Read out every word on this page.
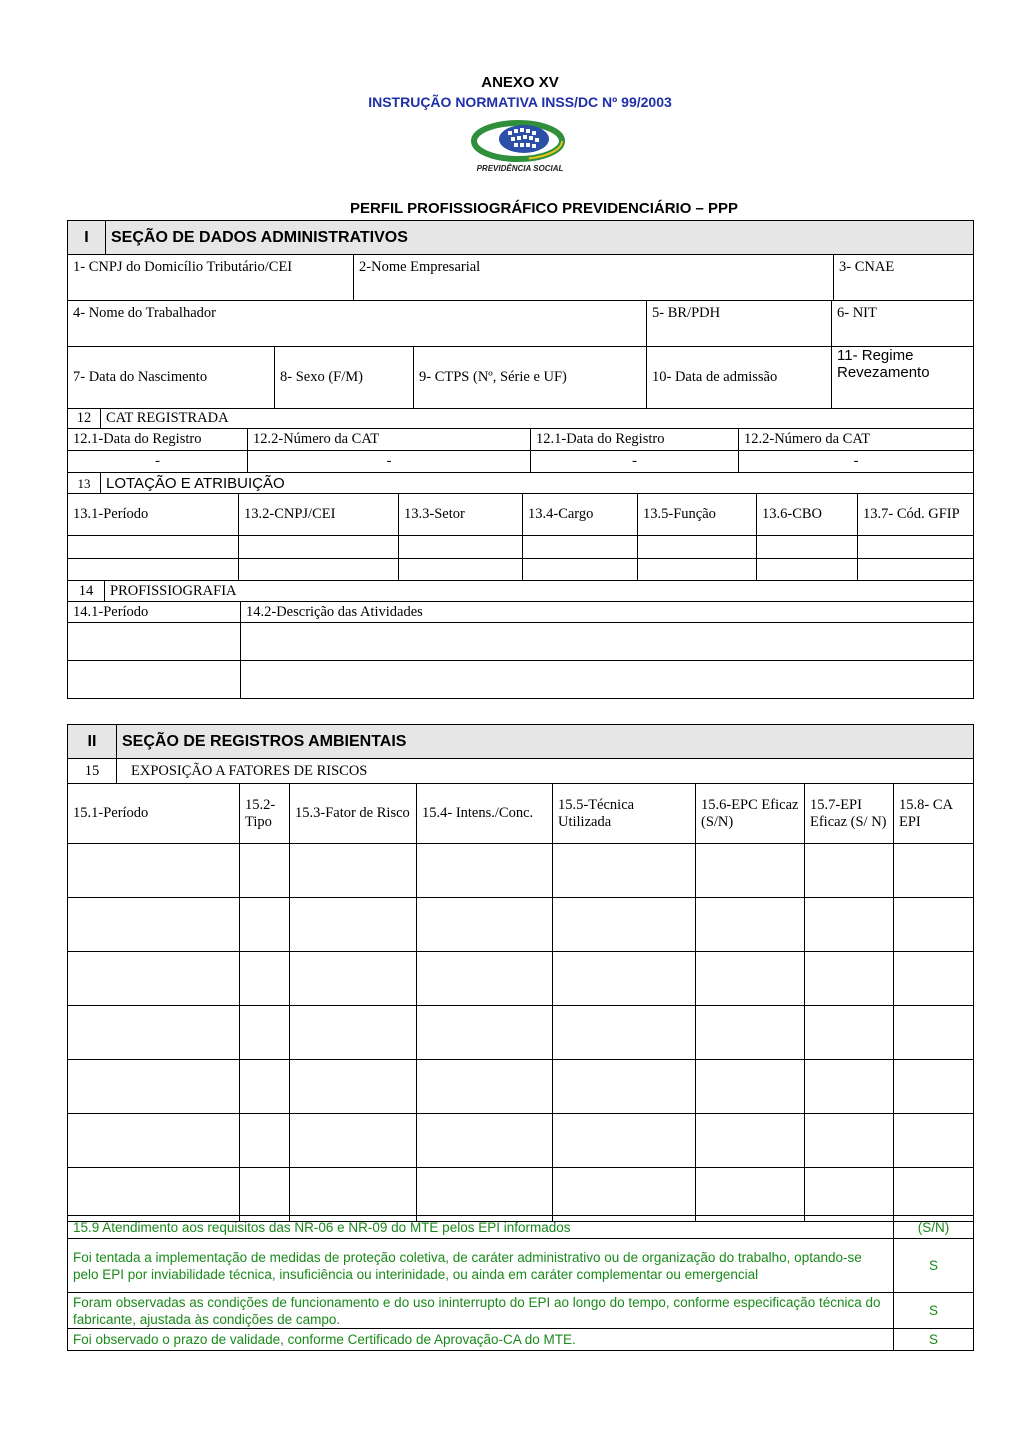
ANEXO XV
INSTRUÇÃO NORMATIVA INSS/DC Nº 99/2003
PREVIDÊNCIA SOCIAL
PERFIL PROFISSIOGRÁFICO PREVIDENCIÁRIO – PPP
I	SEÇÃO DE DADOS ADMINISTRATIVOS
1- CNPJ do Domicílio Tributário/CEI	2-Nome Empresarial	3- CNAE
4- Nome do Trabalhador	5- BR/PDH	6- NIT
7- Data do Nascimento	8- Sexo (F/M)	9- CTPS (Nº, Série e UF)	10- Data de admissão	11- Regime Revezamento
12	CAT REGISTRADA
12.1-Data do Registro	12.2-Número da CAT	12.1-Data do Registro	12.2-Número da CAT
-	-	-	-
13	LOTAÇÃO E ATRIBUIÇÃO
13.1-Período	13.2-CNPJ/CEI	13.3-Setor	13.4-Cargo	13.5-Função	13.6-CBO	13.7- Cód. GFIP

14	PROFISSIOGRAFIA
14.1-Período	14.2-Descrição das Atividades

II	SEÇÃO DE REGISTROS AMBIENTAIS
15	EXPOSIÇÃO A FATORES DE RISCOS
15.1-Período	15.2- Tipo	15.3-Fator de Risco	15.4- Intens./Conc.	15.5-Técnica Utilizada	15.6-EPC Eficaz (S/N)	15.7-EPI Eficaz (S/ N)	15.8- CA EPI

15.9 Atendimento aos requisitos das NR-06 e NR-09 do MTE pelos EPI informados	(S/N)
Foi tentada a implementação de medidas de proteção coletiva, de caráter administrativo ou de organização do trabalho, optando-se pelo EPI por inviabilidade técnica, insuficiência ou interinidade, ou ainda em caráter complementar ou emergencial	S
Foram observadas as condições de funcionamento e do uso ininterrupto do EPI ao longo do tempo, conforme especificação técnica do fabricante, ajustada às condições de campo.	S
Foi observado o prazo de validade, conforme Certificado de Aprovação-CA do MTE.	S
